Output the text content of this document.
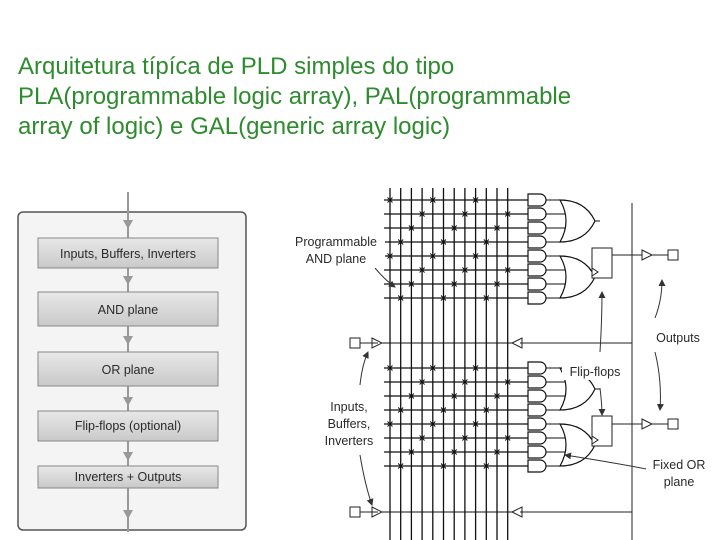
Arquitetura típíca de PLD simples do tipo
PLA(programmable logic array), PAL(programmable
array of logic) e GAL(generic array logic)
Inputs, Buffers, Inverters
AND plane
OR plane
Flip-flops (optional)
Inverters + Outputs
Programmable
AND plane
Outputs
Flip-flops
Inputs,
Buffers,
Inverters
Fixed OR
plane
